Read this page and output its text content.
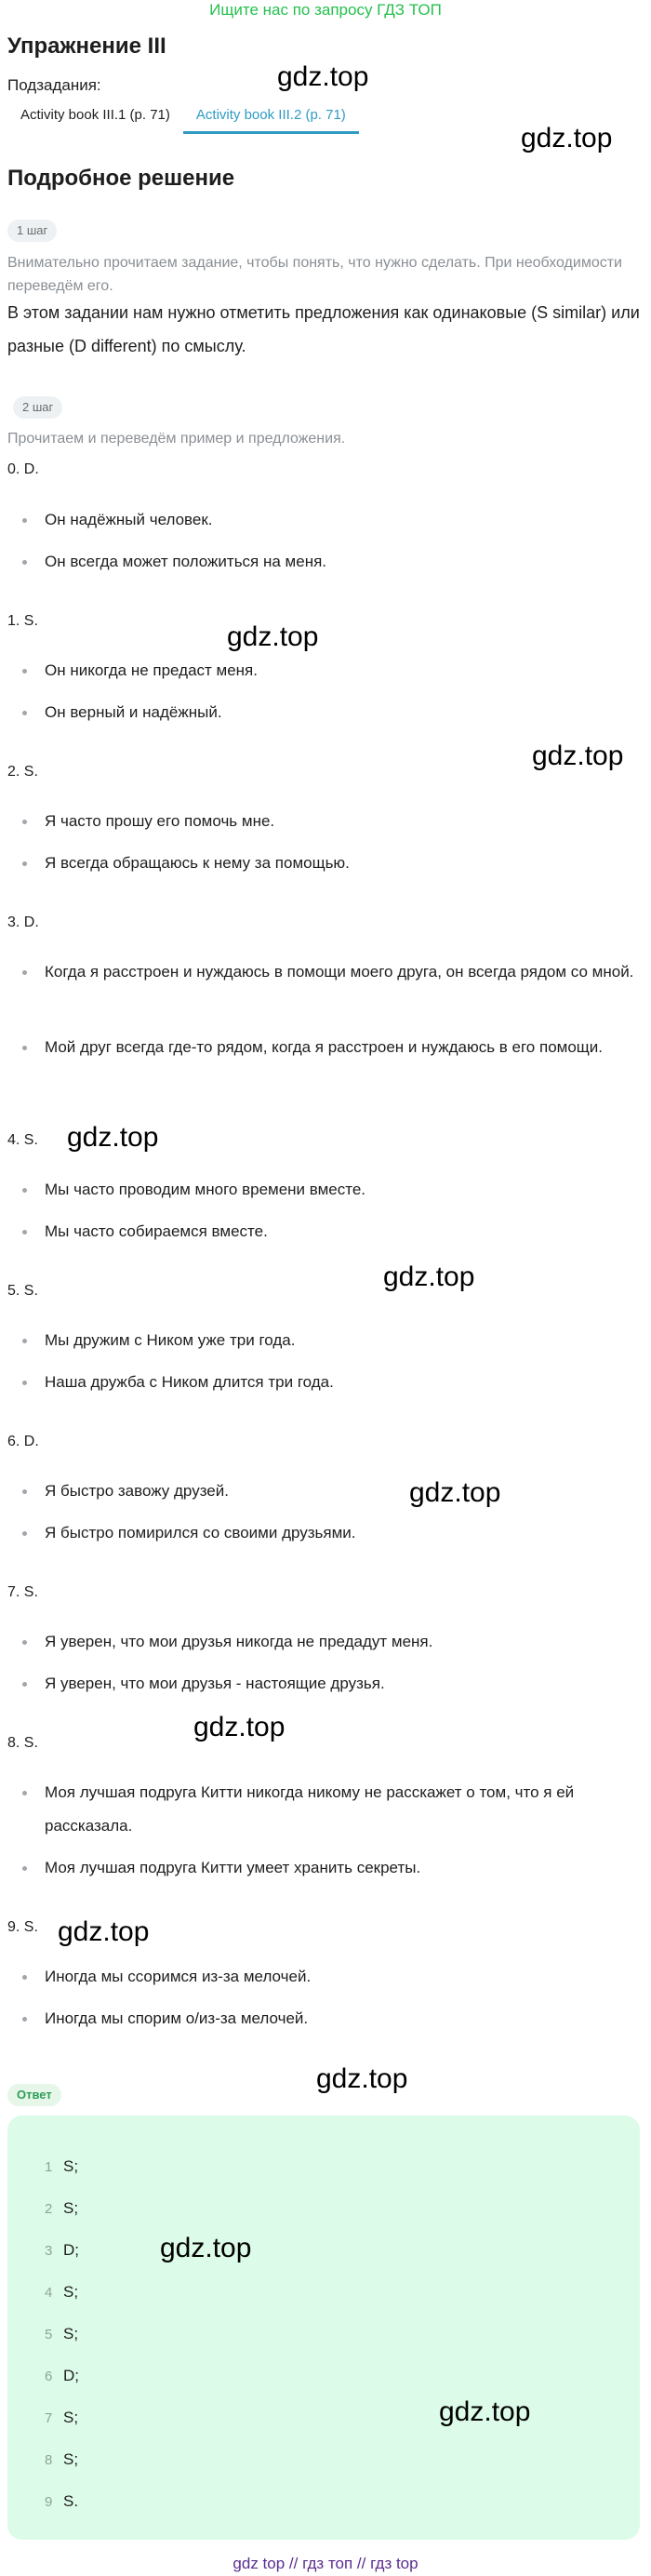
Ищите нас по запросу ГДЗ ТОП
Упражнение III
Подзадания:
Activity book III.1 (p. 71)	Activity book III.2 (p. 71)
Подробное решение
1 шаг
Внимательно прочитаем задание, чтобы понять, что нужно сделать. При необходимости переведём его.
В этом задании нам нужно отметить предложения как одинаковые (S similar) или разные (D different) по смыслу.
2 шаг
Прочитаем и переведём пример и предложения.
0. D.
Он надёжный человек.
Он всегда может положиться на меня.
1. S.
Он никогда не предаст меня.
Он верный и надёжный.
2. S.
Я часто прошу его помочь мне.
Я всегда обращаюсь к нему за помощью.
3. D.
Когда я расстроен и нуждаюсь в помощи моего друга, он всегда рядом со мной.
Мой друг всегда где-то рядом, когда я расстроен и нуждаюсь в его помощи.
4. S.
Мы часто проводим много времени вместе.
Мы часто собираемся вместе.
5. S.
Мы дружим с Ником уже три года.
Наша дружба с Ником длится три года.
6. D.
Я быстро завожу друзей.
Я быстро помирился со своими друзьями.
7. S.
Я уверен, что мои друзья никогда не предадут меня.
Я уверен, что мои друзья - настоящие друзья.
8. S.
Моя лучшая подруга Китти никогда никому не расскажет о том, что я ей рассказала.
Моя лучшая подруга Китти умеет хранить секреты.
9. S.
Иногда мы ссоримся из-за мелочей.
Иногда мы спорим о/из-за мелочей.
Ответ
1 S;
2 S;
3 D;
4 S;
5 S;
6 D;
7 S;
8 S;
9 S.
gdz.top
gdz.top
gdz.top
gdz.top
gdz.top
gdz.top
gdz.top
gdz.top
gdz.top
gdz.top
gdz.top
gdz.top
gdz top // гдз топ // гдз top
